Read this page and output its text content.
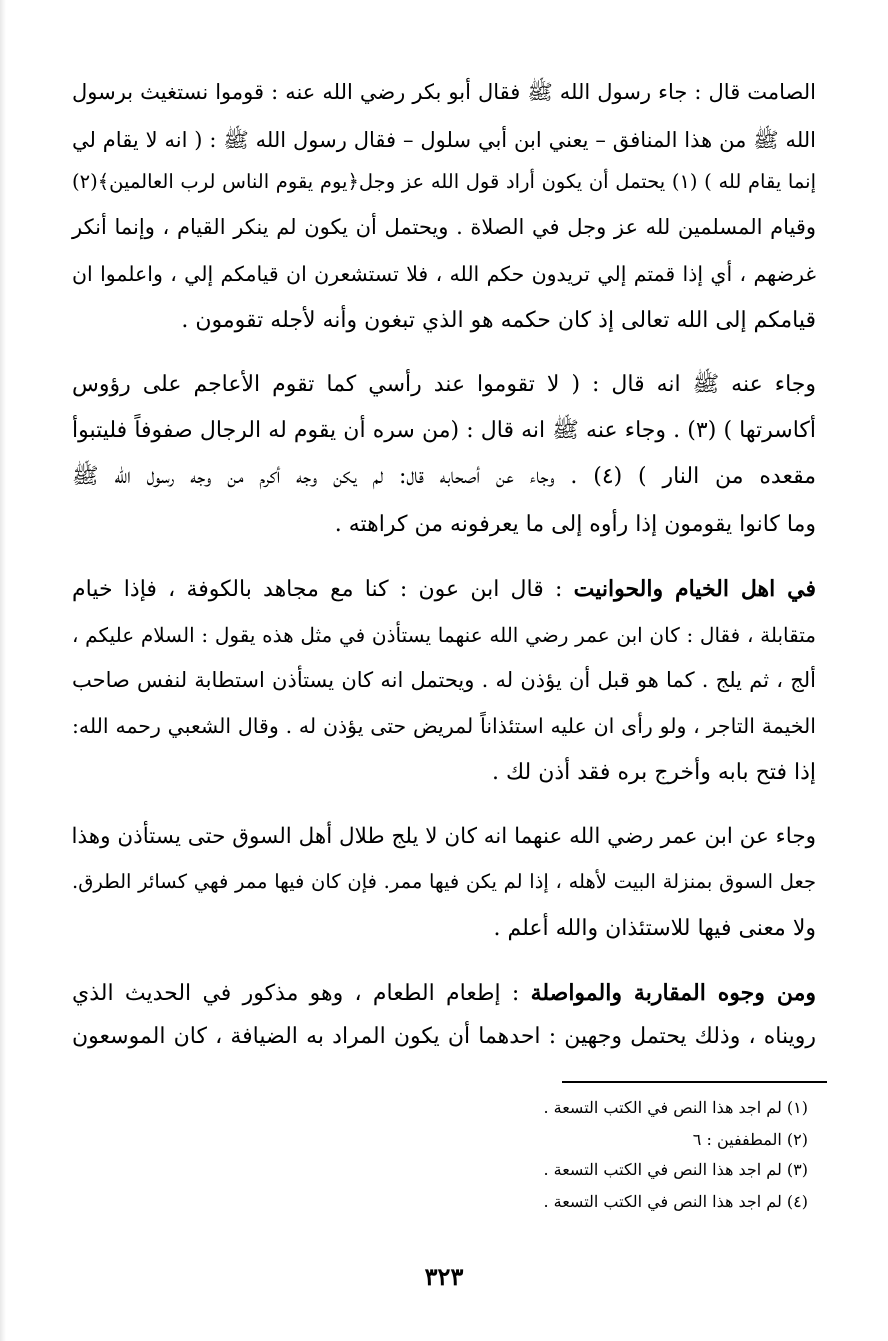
الصامت قال : جاء رسول الله ﷺ فقال أبو بكر رضي الله عنه : قوموا نستغيث برسول
الله ﷺ من هذا المنافق – يعني ابن أبي سلول – فقال رسول الله ﷺ : ( انه لا يقام لي
إنما يقام لله ) (١) يحتمل أن يكون أراد قول الله عز وجل﴿يوم يقوم الناس لرب العالمين﴾(٢)
وقيام المسلمين لله عز وجل في الصلاة . ويحتمل أن يكون لم ينكر القيام ، وإنما أنكر
غرضهم ، أي إذا قمتم إلي تريدون حكم الله ، فلا تستشعرن ان قيامكم إلي ، واعلموا ان
قيامكم إلى الله تعالى إذ كان حكمه هو الذي تبغون وأنه لأجله تقومون .
وجاء عنه ﷺ انه قال : ( لا تقوموا عند رأسي كما تقوم الأعاجم على رؤوس
أكاسرتها ) (٣) . وجاء عنه ﷺ انه قال : (من سره أن يقوم له الرجال صفوفاً فليتبوأ
مقعده من النار ) (٤) . وجاء عن أصحابه قال: لم يكن وجه أكرم من وجه رسول الله ﷺ
وما كانوا يقومون إذا رأوه إلى ما يعرفونه من كراهته .
في اهل الخيام والحوانيت : قال ابن عون : كنا مع مجاهد بالكوفة ، فإذا خيام
متقابلة ، فقال : كان ابن عمر رضي الله عنهما يستأذن في مثل هذه يقول : السلام عليكم ،
ألج ، ثم يلج . كما هو قبل أن يؤذن له . ويحتمل انه كان يستأذن استطابة لنفس صاحب
الخيمة التاجر ، ولو رأى ان عليه استئذاناً لمريض حتى يؤذن له . وقال الشعبي رحمه الله:
إذا فتح بابه وأخرج بره فقد أذن لك .
وجاء عن ابن عمر رضي الله عنهما انه كان لا يلج طلال أهل السوق حتى يستأذن وهذا
جعل السوق بمنزلة البيت لأهله ، إذا لم يكن فيها ممر. فإن كان فيها ممر فهي كسائر الطرق.
ولا معنى فيها للاستئذان والله أعلم .
ومن وجوه المقاربة والمواصلة : إطعام الطعام ، وهو مذكور في الحديث الذي
رويناه ، وذلك يحتمل وجهين : احدهما أن يكون المراد به الضيافة ، كان الموسعون
(١) لم اجد هذا النص في الكتب التسعة .
(٢) المطففين : ٦
(٣) لم اجد هذا النص في الكتب التسعة .
(٤) لم اجد هذا النص في الكتب التسعة .
٣٢٣
